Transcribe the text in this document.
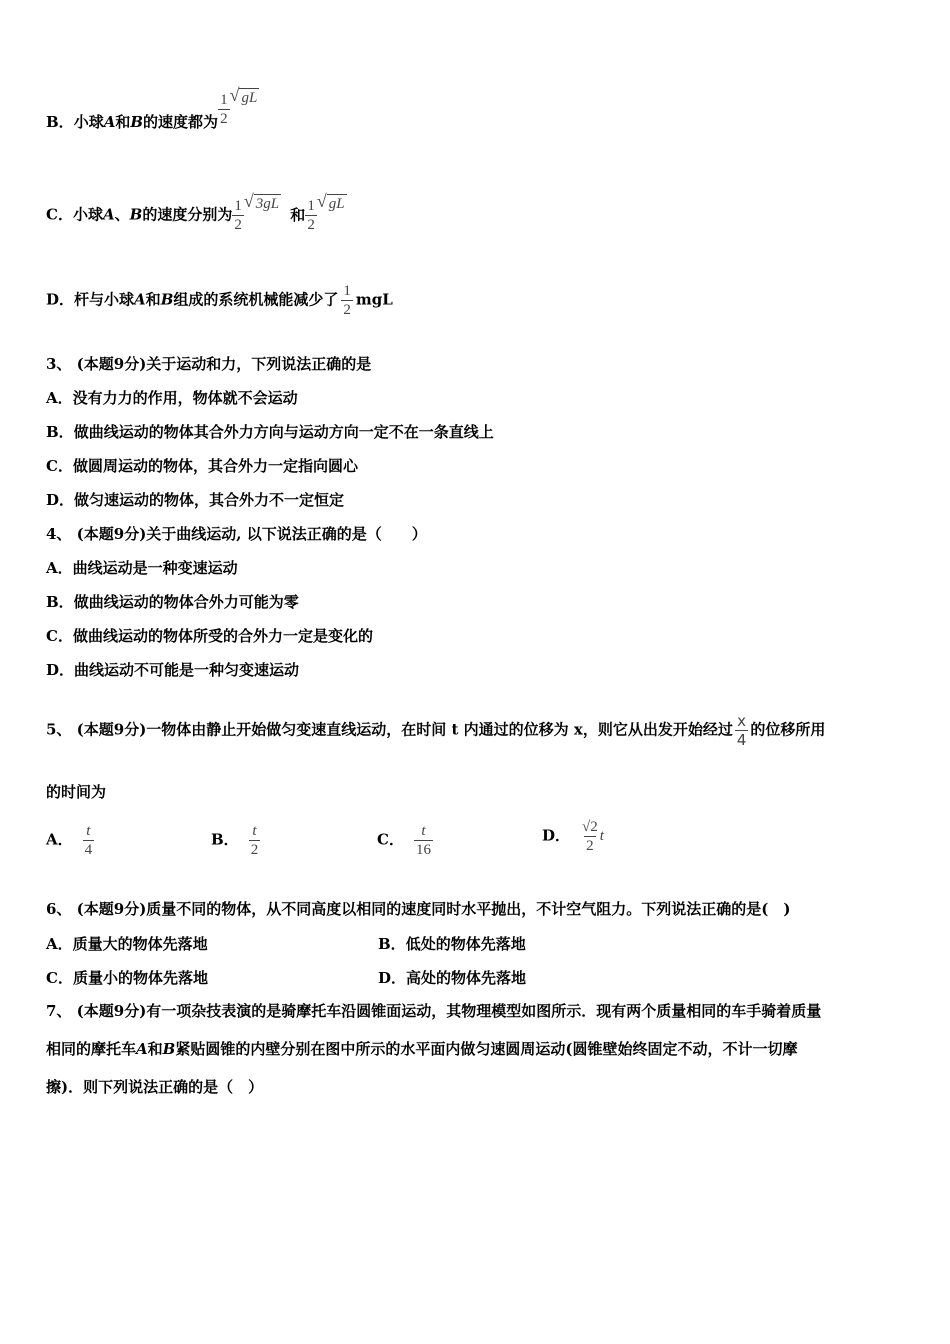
B．小球A和B的速度都为 $\frac{1}{2}$ √ gL
C．小球A、B的速度分别为 $\frac{1}{2}$ √ 3gL
和 $\frac{1}{2}$ √ gL
D．杆与小球A和B组成的系统机械能减少了 $\frac{1}{2}$ mgL
3、 (本题9分)关于运动和力，下列说法正确的是
A．没有力力的作用，物体就不会运动
B．做曲线运动的物体其合外力方向与运动方向一定不在一条直线上
C．做圆周运动的物体，其合外力一定指向圆心
D．做匀速运动的物体，其合外力不一定恒定
4、 (本题9分)关于曲线运动, 以下说法正确的是（　　）
A．曲线运动是一种变速运动
B．做曲线运动的物体合外力可能为零
C．做曲线运动的物体所受的合外力一定是变化的
D．曲线运动不可能是一种匀变速运动
5、 (本题9分)一物体由静止开始做匀变速直线运动，在时间 t 内通过的位移为 x，则它从出发开始经过 $\frac{x}{4}$ 的位移所用
的时间为
A． $\frac{t}{4}$	B． $\frac{t}{2}$	C． $\frac{t}{16}$	D． $\frac{√2}{2}$ t
6、 (本题9分)质量不同的物体，从不同高度以相同的速度同时水平抛出，不计空气阻力。下列说法正确的是(　)
A．质量大的物体先落地	B．低处的物体先落地
C．质量小的物体先落地	D．高处的物体先落地
7、 (本题9分)有一项杂技表演的是骑摩托车沿圆锥面运动，其物理模型如图所示．现有两个质量相同的车手骑着质量
相同的摩托车A和B紧贴圆锥的内壁分别在图中所示的水平面内做匀速圆周运动(圆锥壁始终固定不动，不计一切摩
擦)．则下列说法正确的是（　）
